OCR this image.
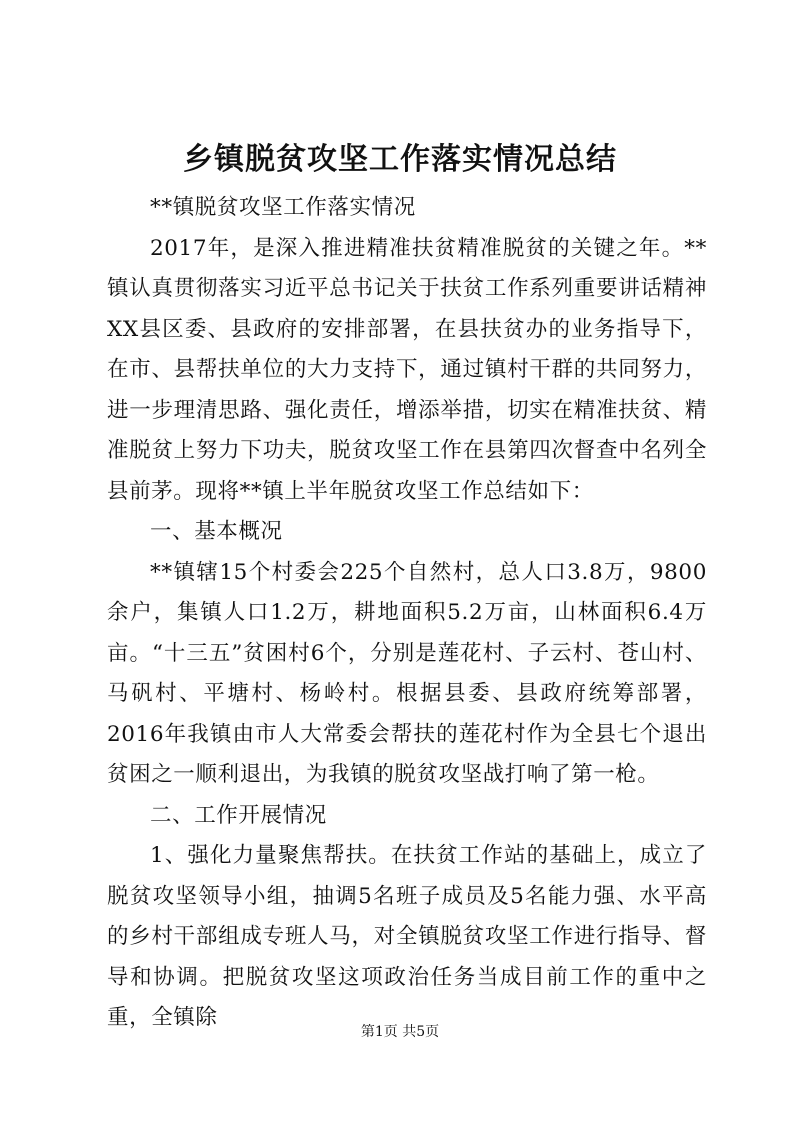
乡镇脱贫攻坚工作落实情况总结

**镇脱贫攻坚工作落实情况

2017年，是深入推进精准扶贫精准脱贫的关键之年。**镇认真贯彻落实习近平总书记关于扶贫工作系列重要讲话精神XX县区委、县政府的安排部署，在县扶贫办的业务指导下，在市、县帮扶单位的大力支持下，通过镇村干群的共同努力，进一步理清思路、强化责任，增添举措，切实在精准扶贫、精准脱贫上努力下功夫，脱贫攻坚工作在县第四次督查中名列全县前茅。现将**镇上半年脱贫攻坚工作总结如下：

一、基本概况

**镇辖15个村委会225个自然村，总人口3.8万，9800余户，集镇人口1.2万，耕地面积5.2万亩，山林面积6.4万亩。“十三五”贫困村6个，分别是莲花村、子云村、苍山村、马矾村、平塘村、杨岭村。根据县委、县政府统筹部署，2016年我镇由市人大常委会帮扶的莲花村作为全县七个退出贫困之一顺利退出，为我镇的脱贫攻坚战打响了第一枪。

二、工作开展情况

1、强化力量聚焦帮扶。在扶贫工作站的基础上，成立了脱贫攻坚领导小组，抽调5名班子成员及5名能力强、水平高的乡村干部组成专班人马，对全镇脱贫攻坚工作进行指导、督导和协调。把脱贫攻坚这项政治任务当成目前工作的重中之重，全镇除

第1页 共5页
